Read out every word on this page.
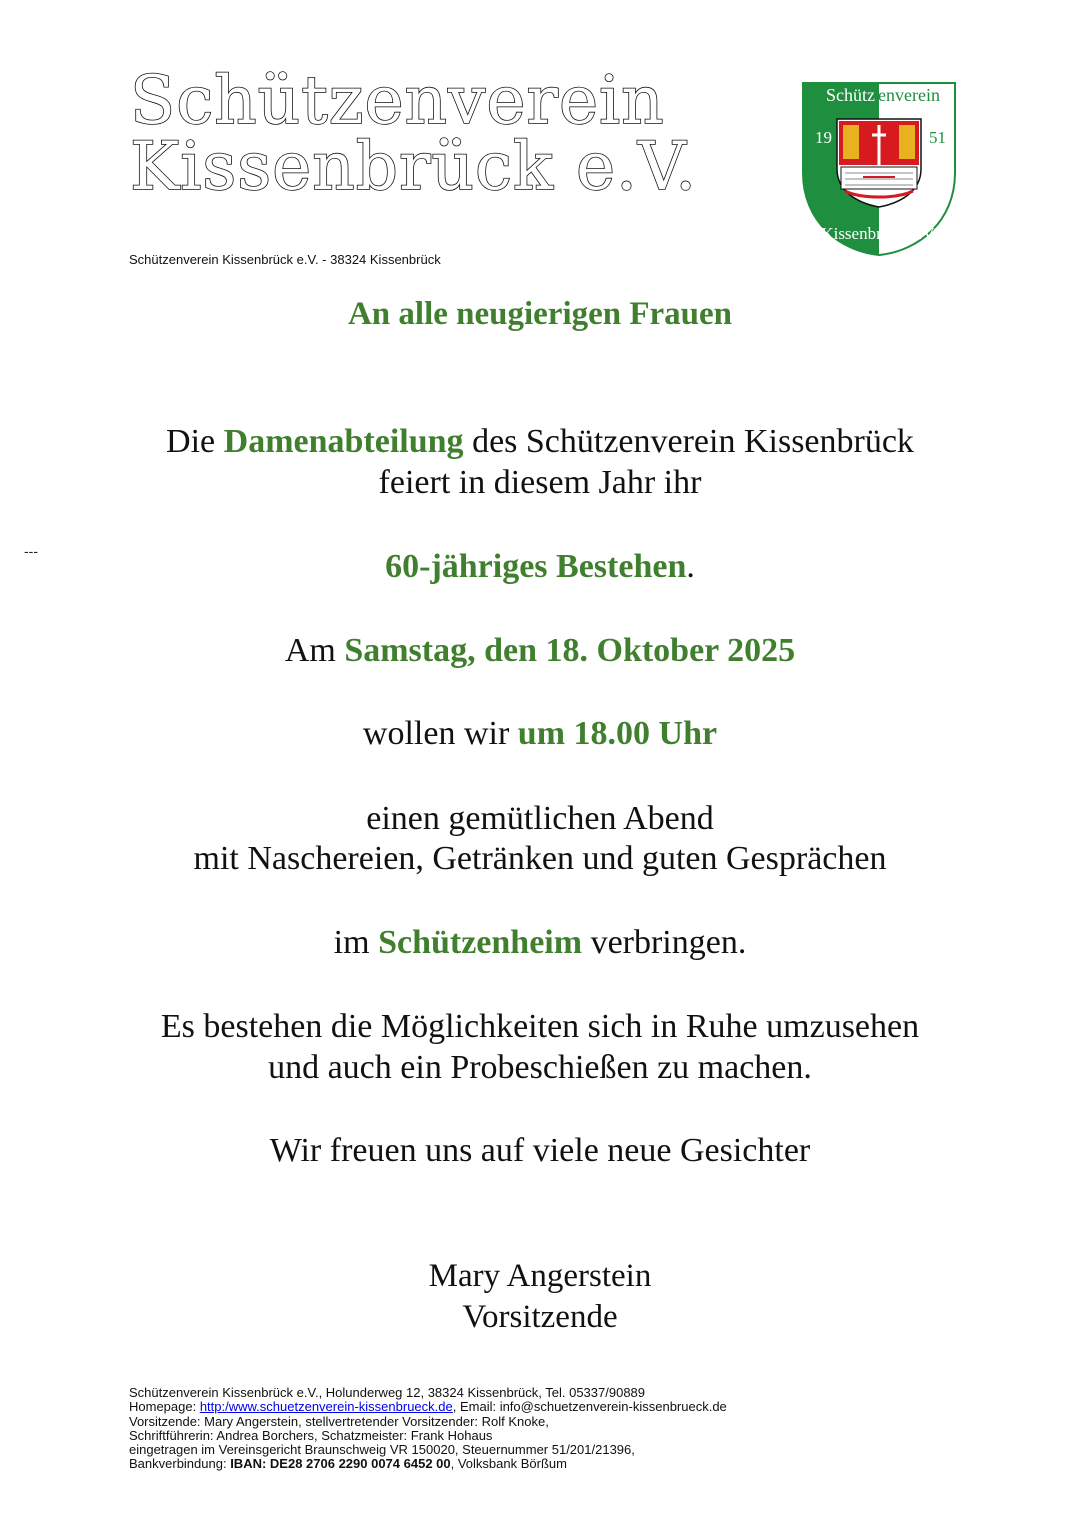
Schützenverein
Kissenbrück e.V.
Schützenverein Kissenbrück e.V. - 38324 Kissenbrück
Schütz enverein
19	51
Kissenbrück e.V.
---
An alle neugierigen Frauen
Die Damenabteilung des Schützenverein Kissenbrück
feiert in diesem Jahr ihr
60-jähriges Bestehen.
Am Samstag, den 18. Oktober 2025
wollen wir um 18.00 Uhr
einen gemütlichen Abend
mit Naschereien, Getränken und guten Gesprächen
im Schützenheim verbringen.
Es bestehen die Möglichkeiten sich in Ruhe umzusehen
und auch ein Probeschießen zu machen.
Wir freuen uns auf viele neue Gesichter
Mary Angerstein
Vorsitzende
Schützenverein Kissenbrück e.V., Holunderweg 12, 38324 Kissenbrück, Tel. 05337/90889
Homepage: http:/www.schuetzenverein-kissenbrueck.de, Email: info@schuetzenverein-kissenbrueck.de
Vorsitzende: Mary Angerstein, stellvertretender Vorsitzender: Rolf Knoke,
Schriftführerin: Andrea Borchers, Schatzmeister: Frank Hohaus
eingetragen im Vereinsgericht Braunschweig VR 150020, Steuernummer 51/201/21396,
Bankverbindung: IBAN: DE28 2706 2290 0074 6452 00, Volksbank Börßum
